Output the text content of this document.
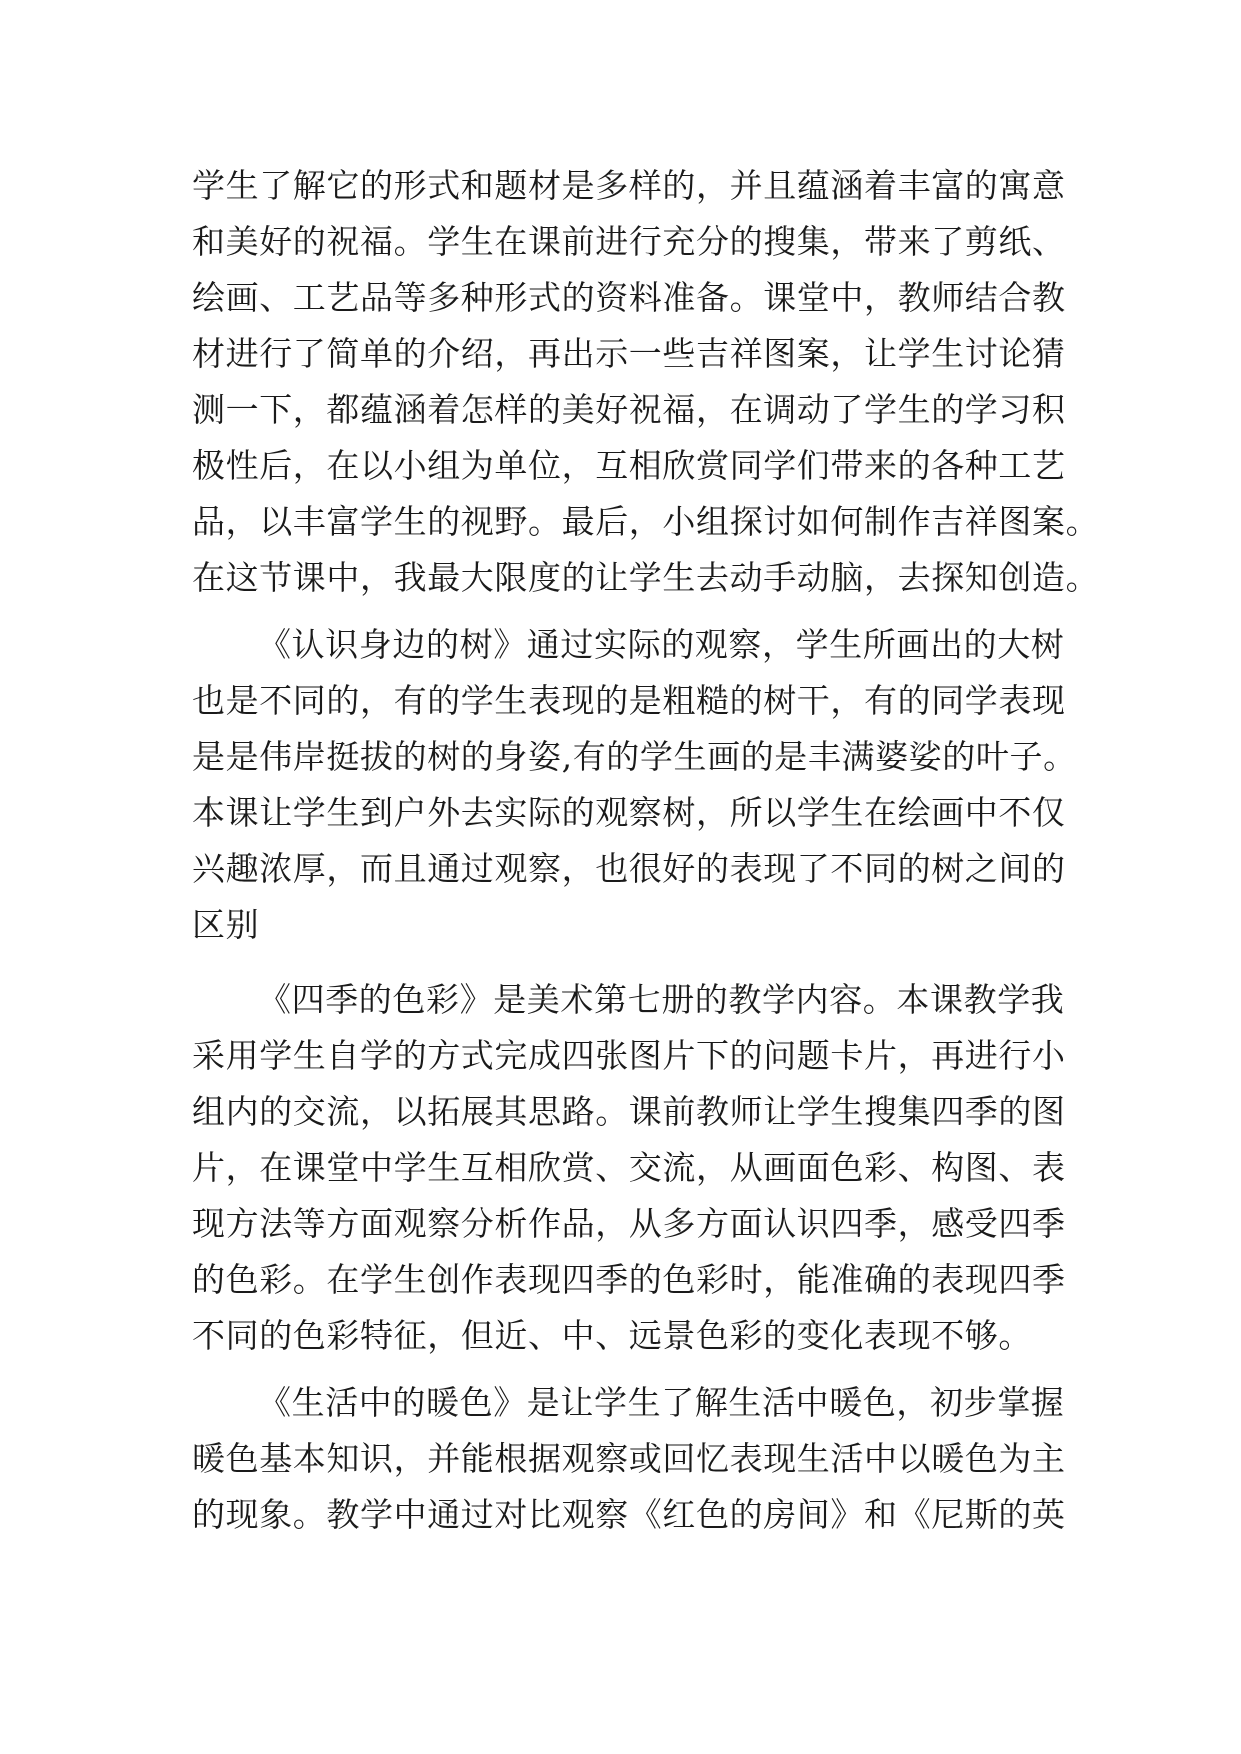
学生了解它的形式和题材是多样的，并且蕴涵着丰富的寓意
和美好的祝福。学生在课前进行充分的搜集，带来了剪纸、
绘画、工艺品等多种形式的资料准备。课堂中，教师结合教
材进行了简单的介绍，再出示一些吉祥图案，让学生讨论猜
测一下，都蕴涵着怎样的美好祝福，在调动了学生的学习积
极性后，在以小组为单位，互相欣赏同学们带来的各种工艺
品，以丰富学生的视野。最后，小组探讨如何制作吉祥图案。
在这节课中，我最大限度的让学生去动手动脑，去探知创造。
《认识身边的树》通过实际的观察，学生所画出的大树
也是不同的，有的学生表现的是粗糙的树干，有的同学表现
是是伟岸挺拔的树的身姿,有的学生画的是丰满婆娑的叶子。
本课让学生到户外去实际的观察树，所以学生在绘画中不仅
兴趣浓厚，而且通过观察，也很好的表现了不同的树之间的
区别
《四季的色彩》是美术第七册的教学内容。本课教学我
采用学生自学的方式完成四张图片下的问题卡片，再进行小
组内的交流，以拓展其思路。课前教师让学生搜集四季的图
片，在课堂中学生互相欣赏、交流，从画面色彩、构图、表
现方法等方面观察分析作品，从多方面认识四季，感受四季
的色彩。在学生创作表现四季的色彩时，能准确的表现四季
不同的色彩特征，但近、中、远景色彩的变化表现不够。
《生活中的暖色》是让学生了解生活中暖色，初步掌握
暖色基本知识，并能根据观察或回忆表现生活中以暖色为主
的现象。教学中通过对比观察《红色的房间》和《尼斯的英
